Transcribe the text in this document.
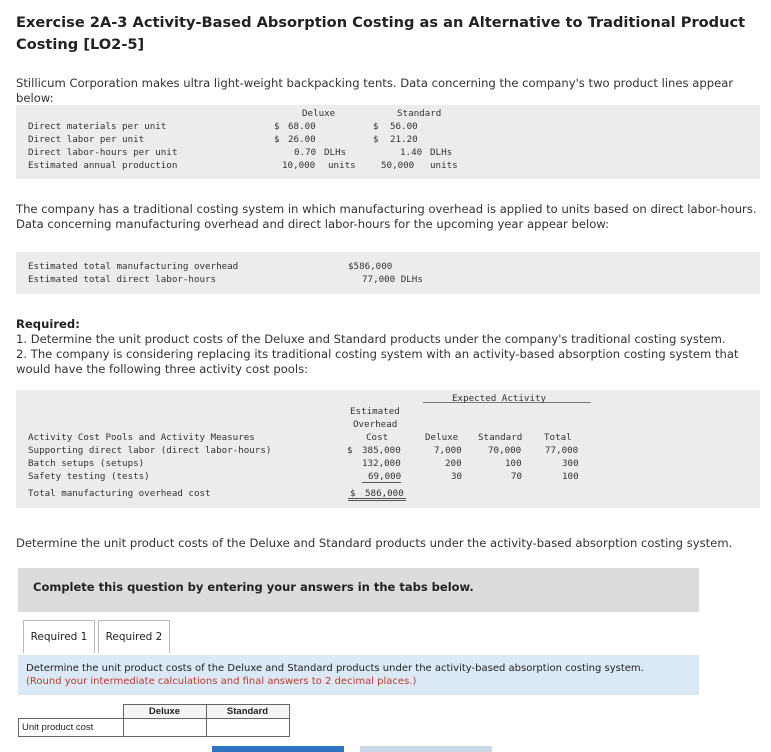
Exercise 2A-3 Activity-Based Absorption Costing as an Alternative to Traditional Product Costing [LO2-5]
Stillicum Corporation makes ultra light-weight backpacking tents. Data concerning the company's two product lines appear below:
Deluxe	Standard
Direct materials per unit	$ 68.00	$ 56.00
Direct labor per unit	$ 26.00	$ 21.20
Direct labor-hours per unit	0.70 DLHs	1.40 DLHs
Estimated annual production	10,000 units	50,000 units
The company has a traditional costing system in which manufacturing overhead is applied to units based on direct labor-hours. Data concerning manufacturing overhead and direct labor-hours for the upcoming year appear below:
Estimated total manufacturing overhead	$586,000
Estimated total direct labor-hours	77,000 DLHs
Required:
1. Determine the unit product costs of the Deluxe and Standard products under the company's traditional costing system.
2. The company is considering replacing its traditional costing system with an activity-based absorption costing system that would have the following three activity cost pools:
Expected Activity
Estimated
Overhead
Cost
Activity Cost Pools and Activity Measures	Deluxe Standard Total
Supporting direct labor (direct labor-hours)	$ 385,000	7,000	70,000	77,000
Batch setups (setups)	132,000	200	100	300
Safety testing (tests)	69,000	30	70	100
Total manufacturing overhead cost	$ 586,000
Determine the unit product costs of the Deluxe and Standard products under the activity-based absorption costing system.
Complete this question by entering your answers in the tabs below.
Required 1	Required 2
Determine the unit product costs of the Deluxe and Standard products under the activity-based absorption costing system.
(Round your intermediate calculations and final answers to 2 decimal places.)
	Deluxe	Standard
Unit product cost		
